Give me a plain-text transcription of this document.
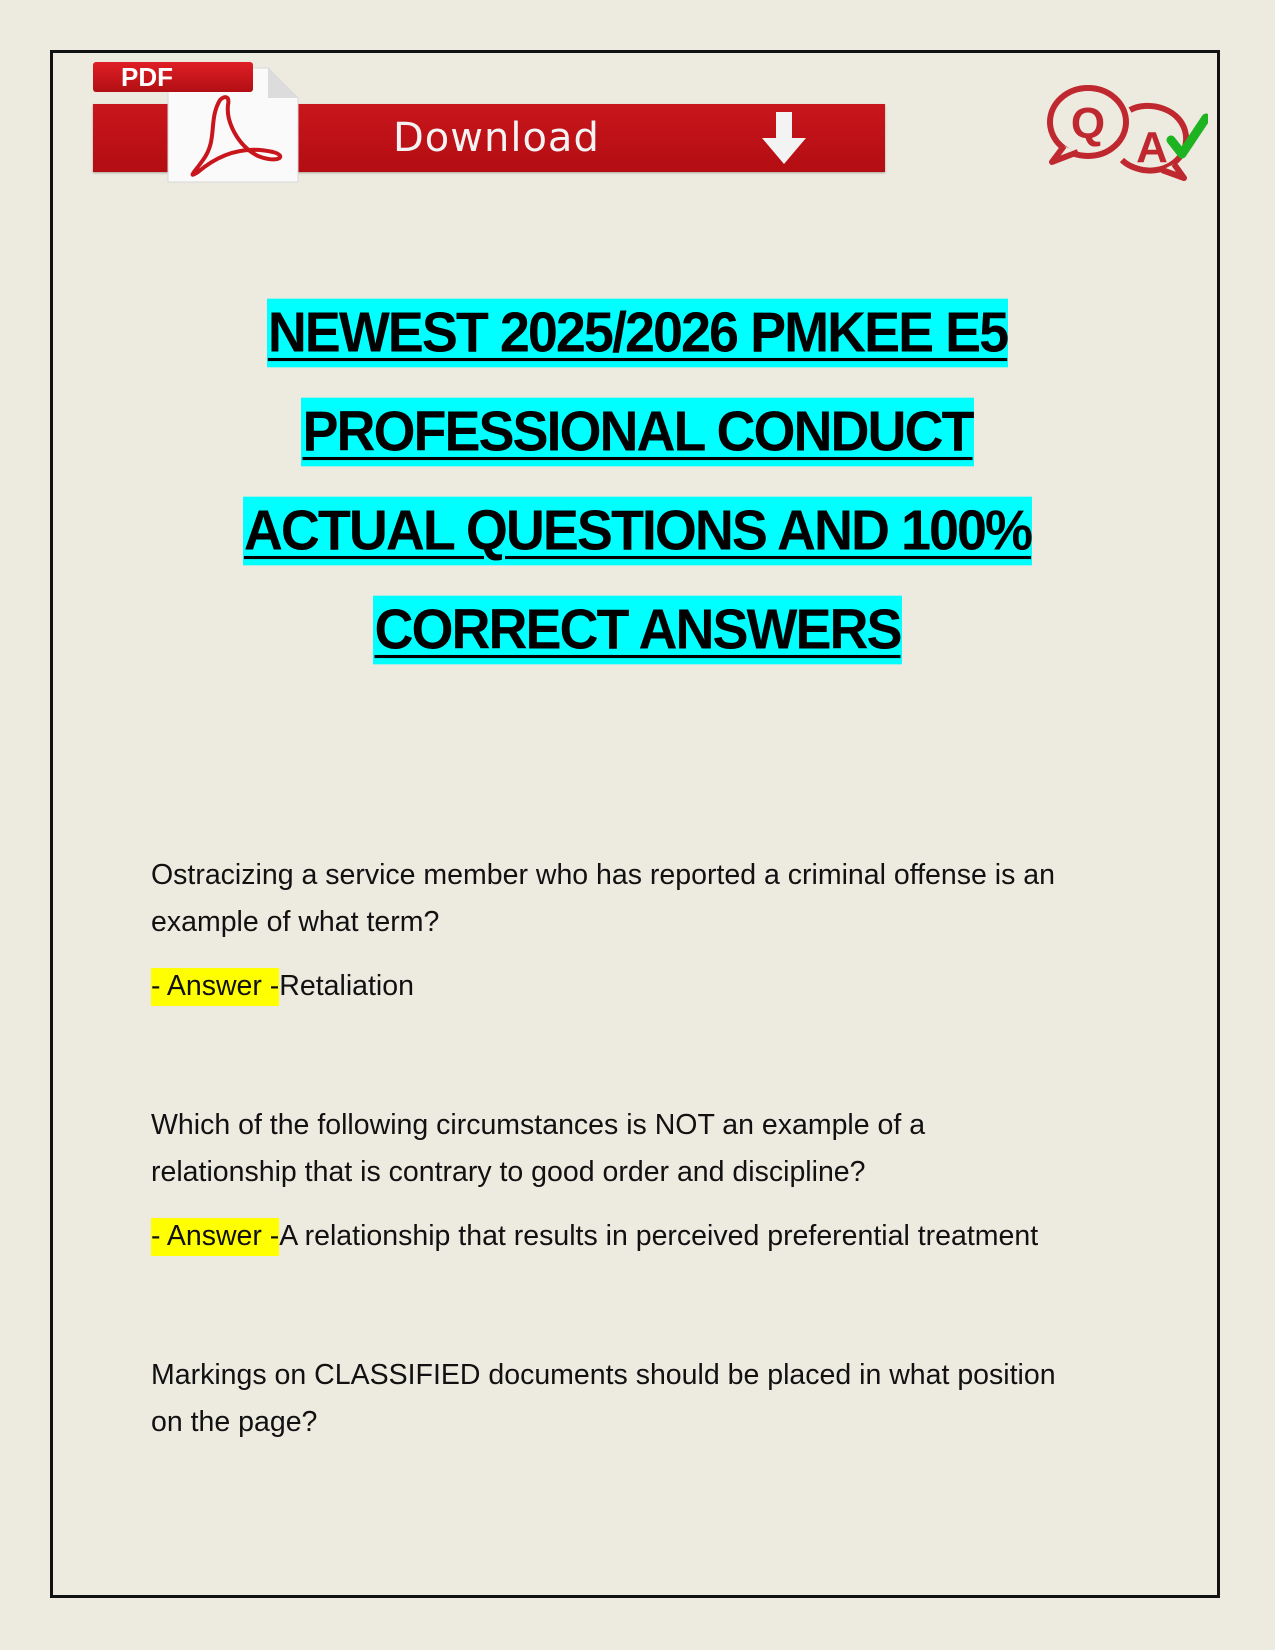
PDF
Download	Q A
NEWEST 2025/2026 PMKEE E5
PROFESSIONAL CONDUCT
ACTUAL QUESTIONS AND 100%
CORRECT ANSWERS

Ostracizing a service member who has reported a criminal offense is an
example of what term?

- Answer -Retaliation

Which of the following circumstances is NOT an example of a
relationship that is contrary to good order and discipline?

- Answer -A relationship that results in perceived preferential treatment

Markings on CLASSIFIED documents should be placed in what position
on the page?
